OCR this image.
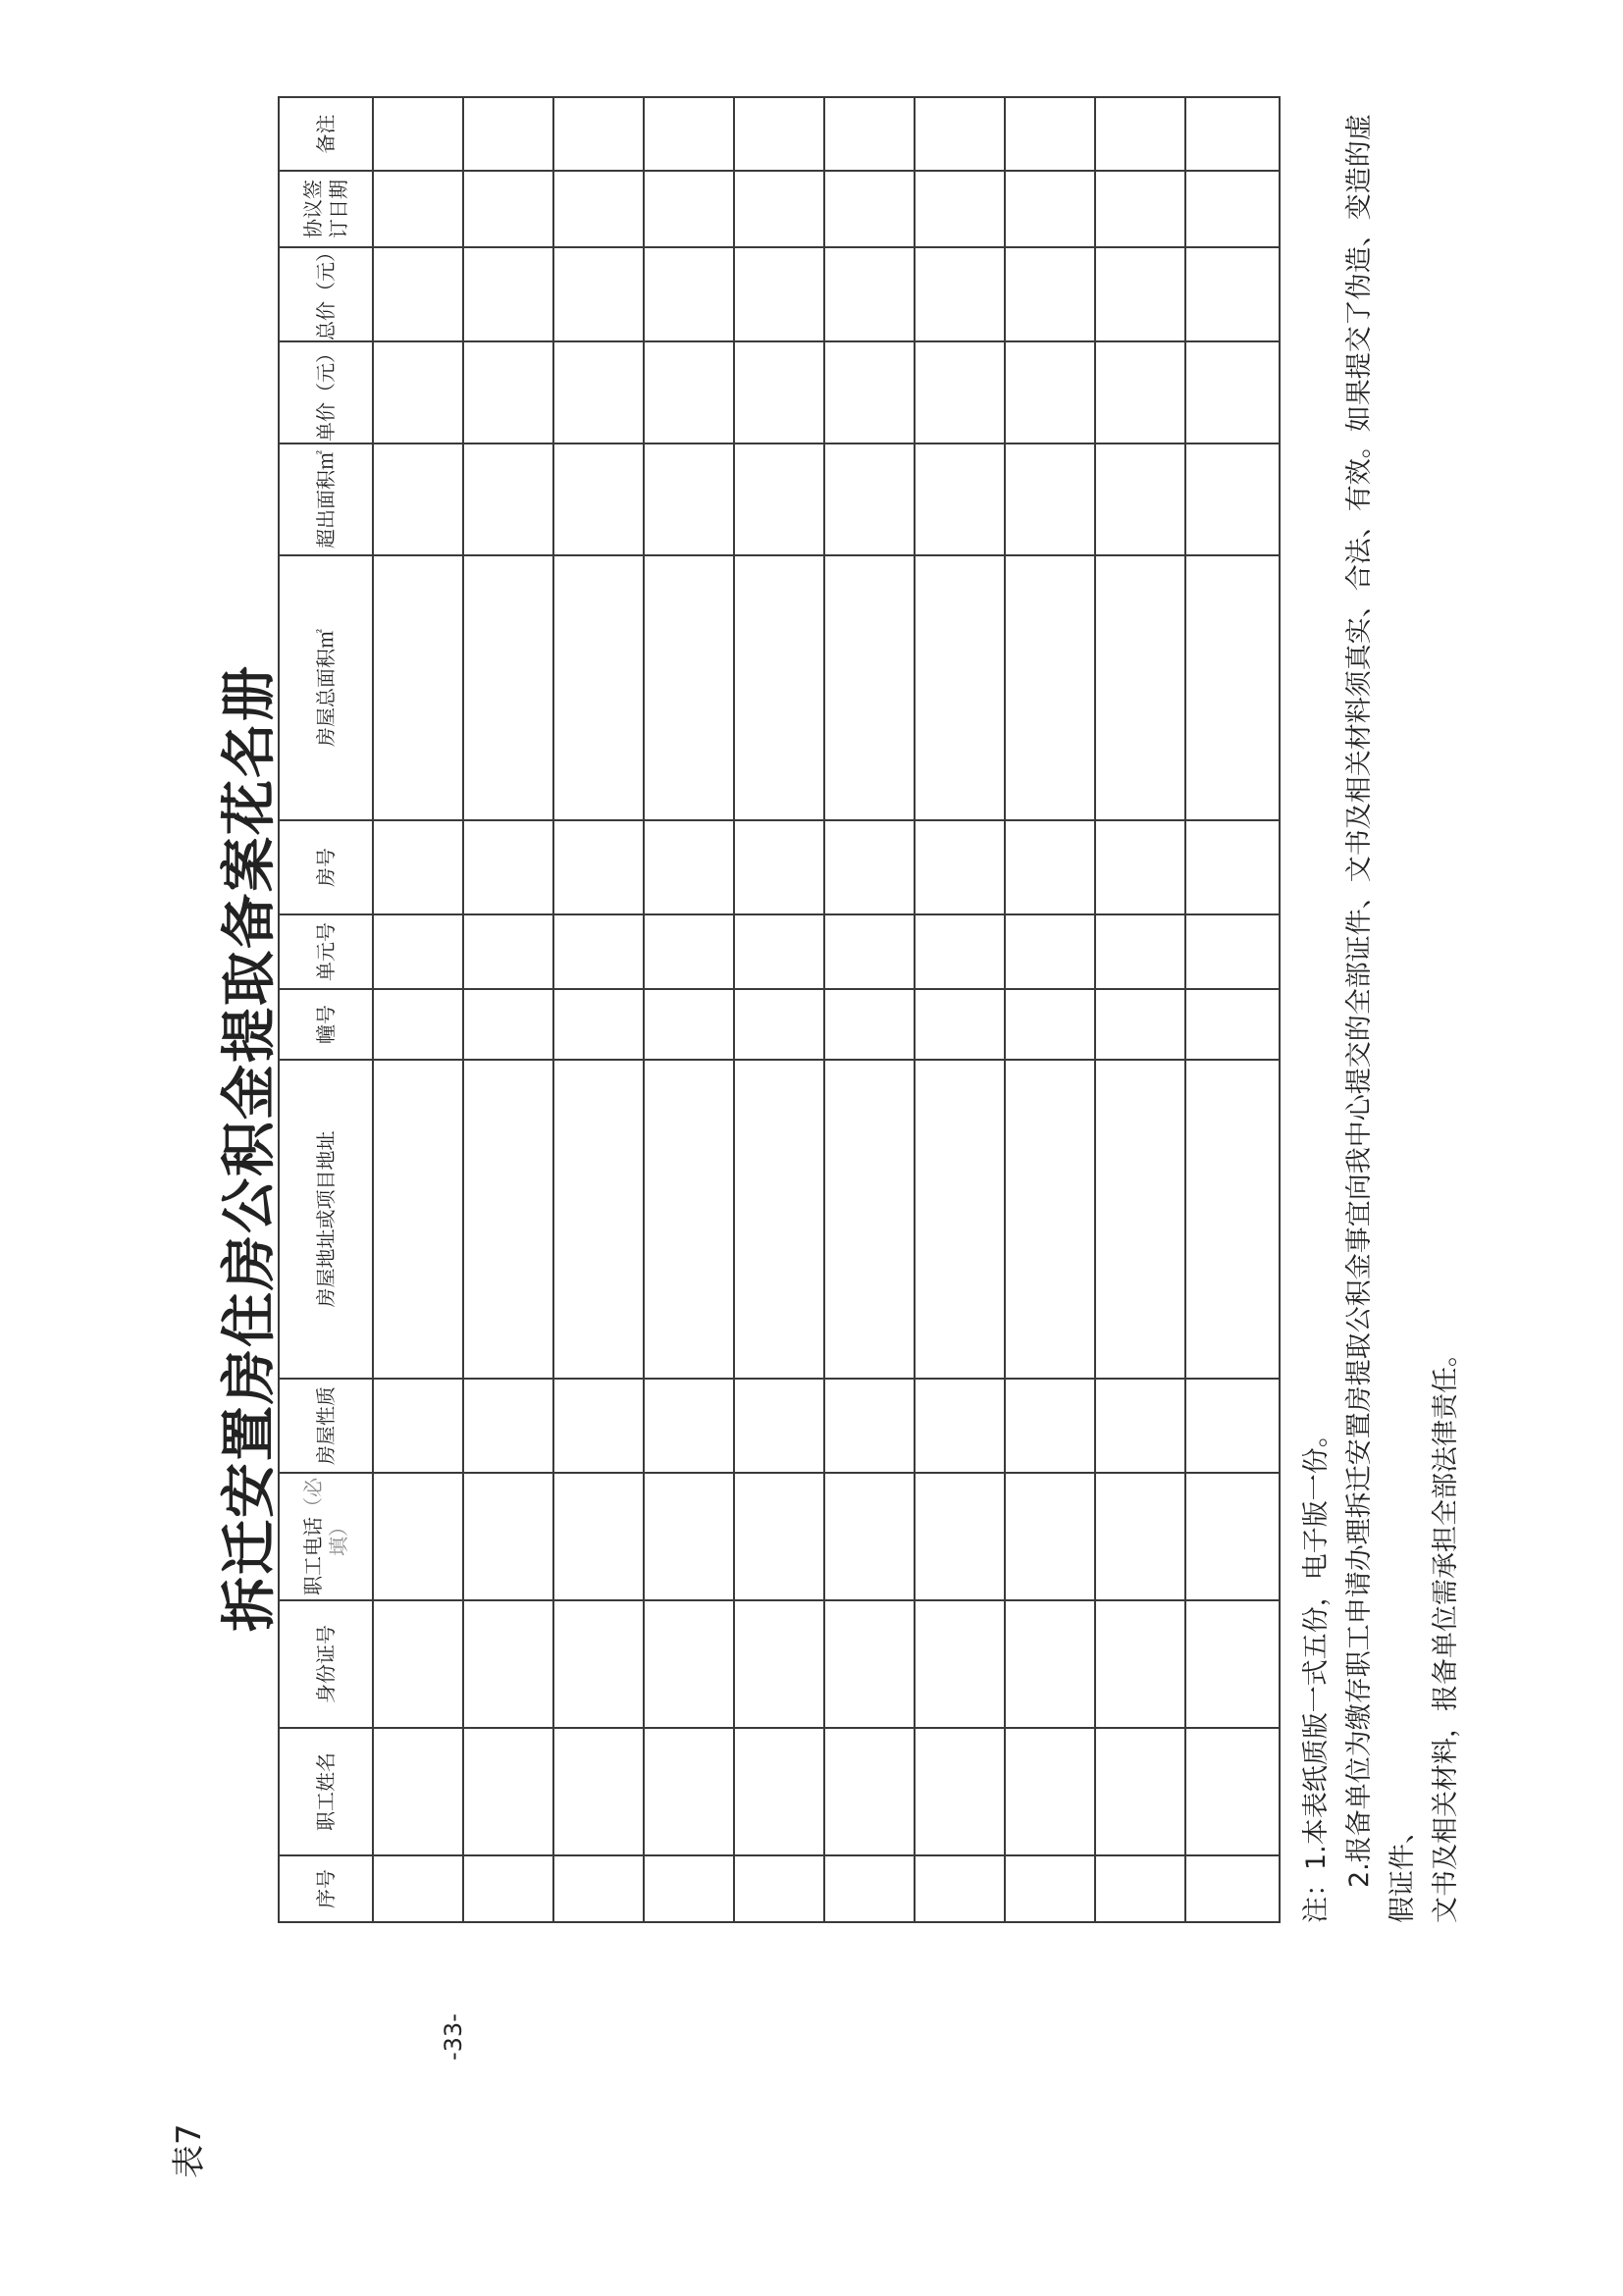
表7
拆迁安置房住房公积金提取备案花名册
序号	职工姓名	身份证号	职工电话（必填）	房屋性质	房屋地址或项目地址	幢号	单元号	房号	房屋总面积㎡	超出面积㎡	单价（元）	总价（元）	协议签订日期	备注

注：1.本表纸质版一式五份，电子版一份。 2.报备单位为缴存职工申请办理拆迁安置房提取公积金事宜向我中心提交的全部证件、文书及相关材料须真实、合法、有效。如果提交了伪造、变造的虚假证件、 文书及相关材料，报备单位需承担全部法律责任。

-33-
